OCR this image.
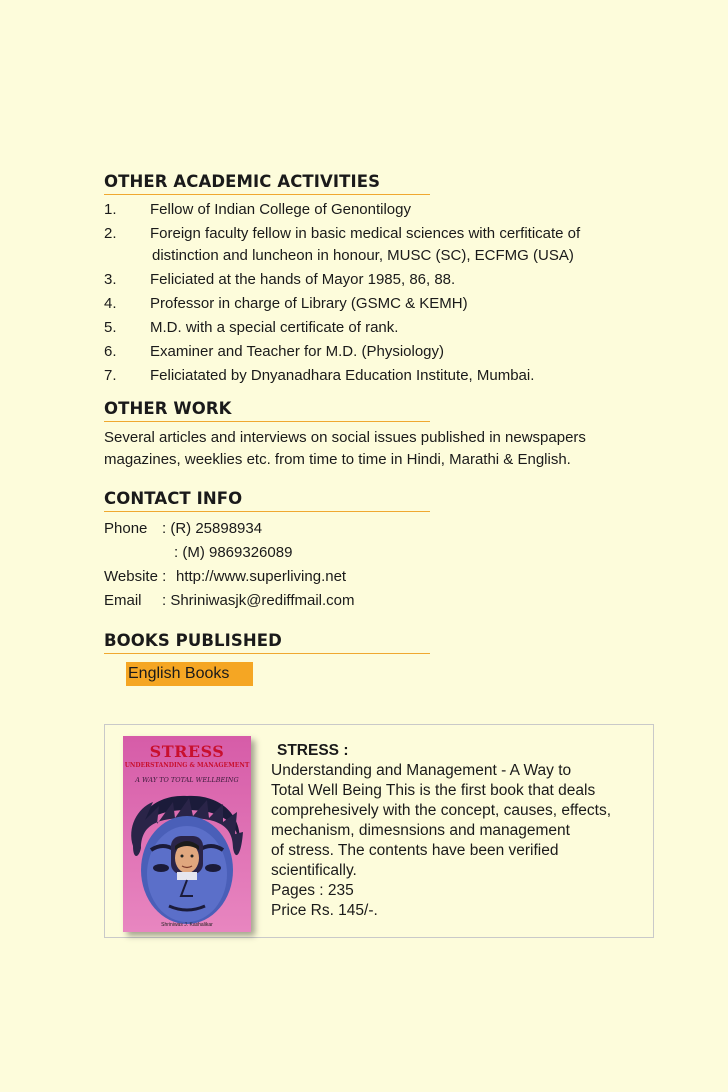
OTHER ACADEMIC ACTIVITIES
1.	Fellow of Indian College of Genontilogy
2.	Foreign faculty fellow in basic medical sciences with cerfiticate of
distinction and luncheon in honour, MUSC (SC), ECFMG (USA)
3.	Feliciated at the hands of Mayor 1985, 86, 88.
4.	Professor in charge of Library (GSMC & KEMH)
5.	M.D. with a special certificate of rank.
6.	Examiner and Teacher for M.D. (Physiology)
7.	Feliciatated by Dnyanadhara Education Institute, Mumbai.
OTHER WORK

Several articles and interviews on social issues published in newspapers
magazines, weeklies etc. from time to time in Hindi, Marathi & English.

CONTACT INFO
Phone : (R) 25898934
: (M) 9869326089
Website : http://www.superliving.net
Email	: Shriniwasjk@rediffmail.com
BOOKS PUBLISHED
English Books
STRESS
UNDERSTANDING & MANAGEMENT
A WAY TO TOTAL WELLBEING
Shriniwas J. Kashalikar
STRESS :
Understanding and Management - A Way to
Total Well Being This is the first book that deals
comprehesively with the concept, causes, effects,
mechanism, dimesnsions and management
of stress. The contents have been verified
scientifically.
Pages : 235
Price Rs. 145/-.
